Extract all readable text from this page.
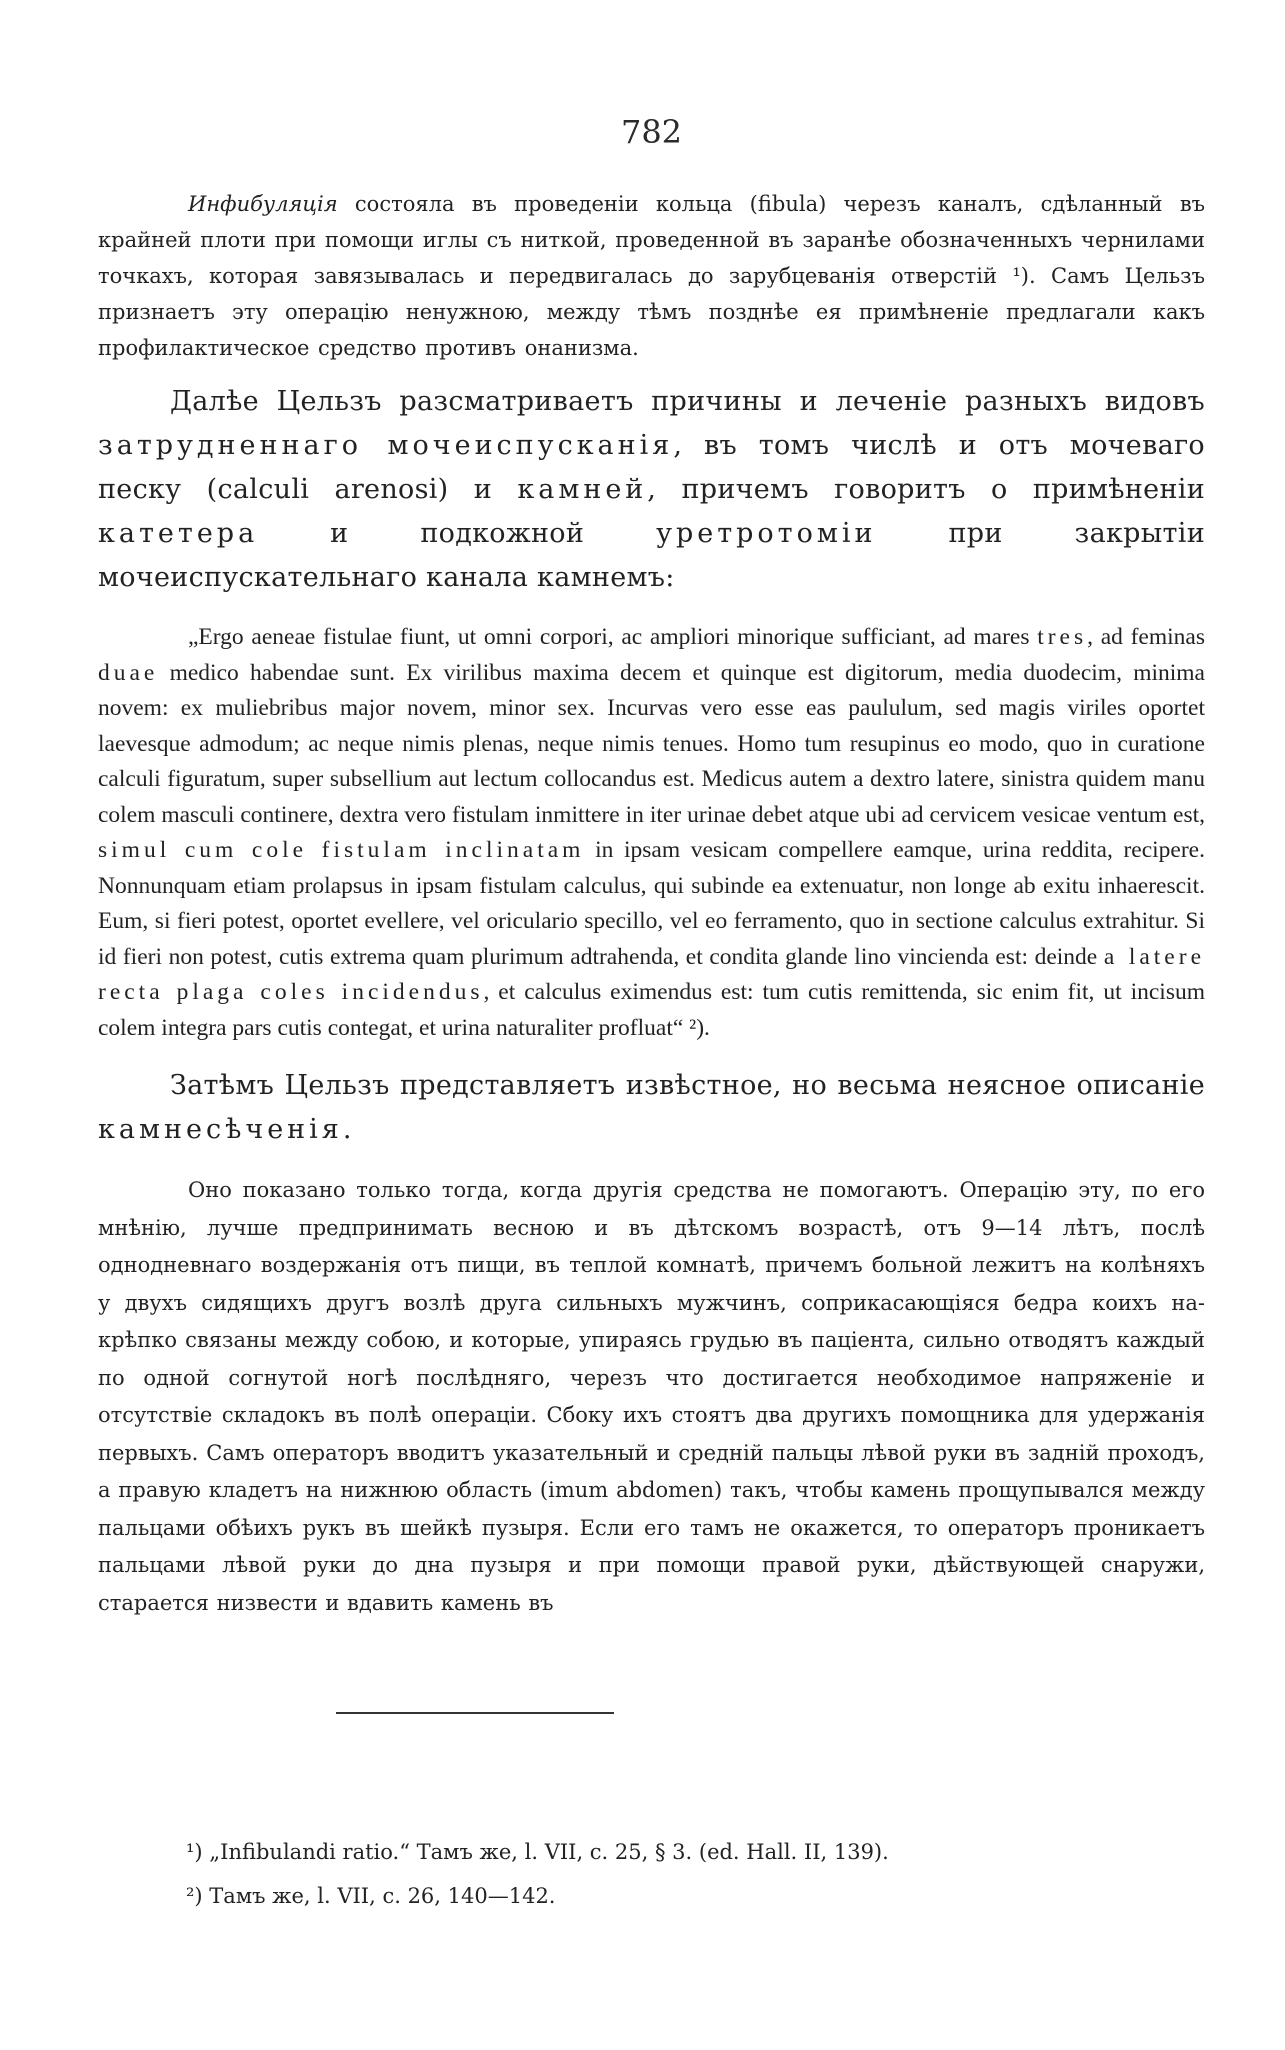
782

Инфибуляція состояла въ проведеніи кольца (fibula) черезъ каналъ, сдѣланный въ крайней плоти при помощи иглы съ ниткой, проведенной въ заранѣе обозначенныхъ чернилами точкахъ, которая завязывалась и передвигалась до зарубцеванія отверстій ¹). Самъ Цельзъ признаетъ эту операцію ненужною, между тѣмъ позднѣе ея примѣненіе предлагали какъ профилактическое средство противъ онанизма.

Далѣе Цельзъ разсматриваетъ причины и леченіе разныхъ видовъ затрудненнаго мочеиспусканія, въ томъ числѣ и отъ мочеваго песку (calculi arenosi) и камней, причемъ говоритъ о примѣненіи катетера и подкожной уретротоміи при закрытіи мочеиспускательнаго канала камнемъ:

„Ergo aeneae fistulae fiunt, ut omni corpori, ac ampliori minorique sufficiant, ad mares tres, ad feminas duae medico habendae sunt. Ex virilibus maxima decem et quinque est digitorum, media duodecim, minima novem: ex muliebribus major novem, minor sex. Incurvas vero esse eas paululum, sed magis viriles oportet laevesque admodum; ac neque nimis plenas, neque nimis tenues. Homo tum resupinus eo modo, quo in curatione calculi figuratum, super subsellium aut lectum collocandus est. Medicus autem a dextro latere, sinistra quidem manu colem masculi continere, dextra vero fistulam inmittere in iter urinae debet atque ubi ad cervicem vesicae ventum est, simul cum cole fistulam inclinatam in ipsam vesicam compellere eamque, urina reddita, recipere. Nonnunquam etiam prolapsus in ipsam fistulam calculus, qui subinde ea extenuatur, non longe ab exitu inhaerescit. Eum, si fieri potest, oportet evellere, vel oriculario specillo, vel eo ferramento, quo in sectione calculus extrahitur. Si id fieri non potest, cutis extrema quam plurimum adtrahenda, et condita glande lino vincienda est: deinde a latere recta plaga coles incidendus, et calculus eximendus est: tum cutis remittenda, sic enim fit, ut incisum colem integra pars cutis contegat, et urina naturaliter profluat“ ²).

Затѣмъ Цельзъ представляетъ извѣстное, но весьма неясное описаніе камнесѣченія.

Оно показано только тогда, когда другія средства не помогаютъ. Операцію эту, по его мнѣнію, лучше предпринимать весною и въ дѣтскомъ возрастѣ, отъ 9—14 лѣтъ, послѣ однодневнаго воздержанія отъ пищи, въ теплой комнатѣ, причемъ больной лежитъ на колѣняхъ у двухъ сидящихъ другъ возлѣ друга сильныхъ мужчинъ, соприкасающіяся бедра коихъ на-крѣпко связаны между собою, и которые, упираясь грудью въ паціента, сильно отводятъ каждый по одной согнутой ногѣ послѣдняго, черезъ что достигается необходимое напряженіе и отсутствіе складокъ въ полѣ операціи. Сбоку ихъ стоятъ два другихъ помощника для удержанія первыхъ. Самъ операторъ вводитъ указательный и средній пальцы лѣвой руки въ задній проходъ, а правую кладетъ на нижнюю область (imum abdomen) такъ, чтобы камень прощупывался между пальцами обѣихъ рукъ въ шейкѣ пузыря. Если его тамъ не окажется, то операторъ проникаетъ пальцами лѣвой руки до дна пузыря и при помощи правой руки, дѣйствующей снаружи, старается низвести и вдавить камень въ

¹) „Infibulandi ratio.“ Тамъ же, l. VII, c. 25, § 3. (ed. Hall. II, 139).

²) Тамъ же, l. VII, c. 26, 140—142.
